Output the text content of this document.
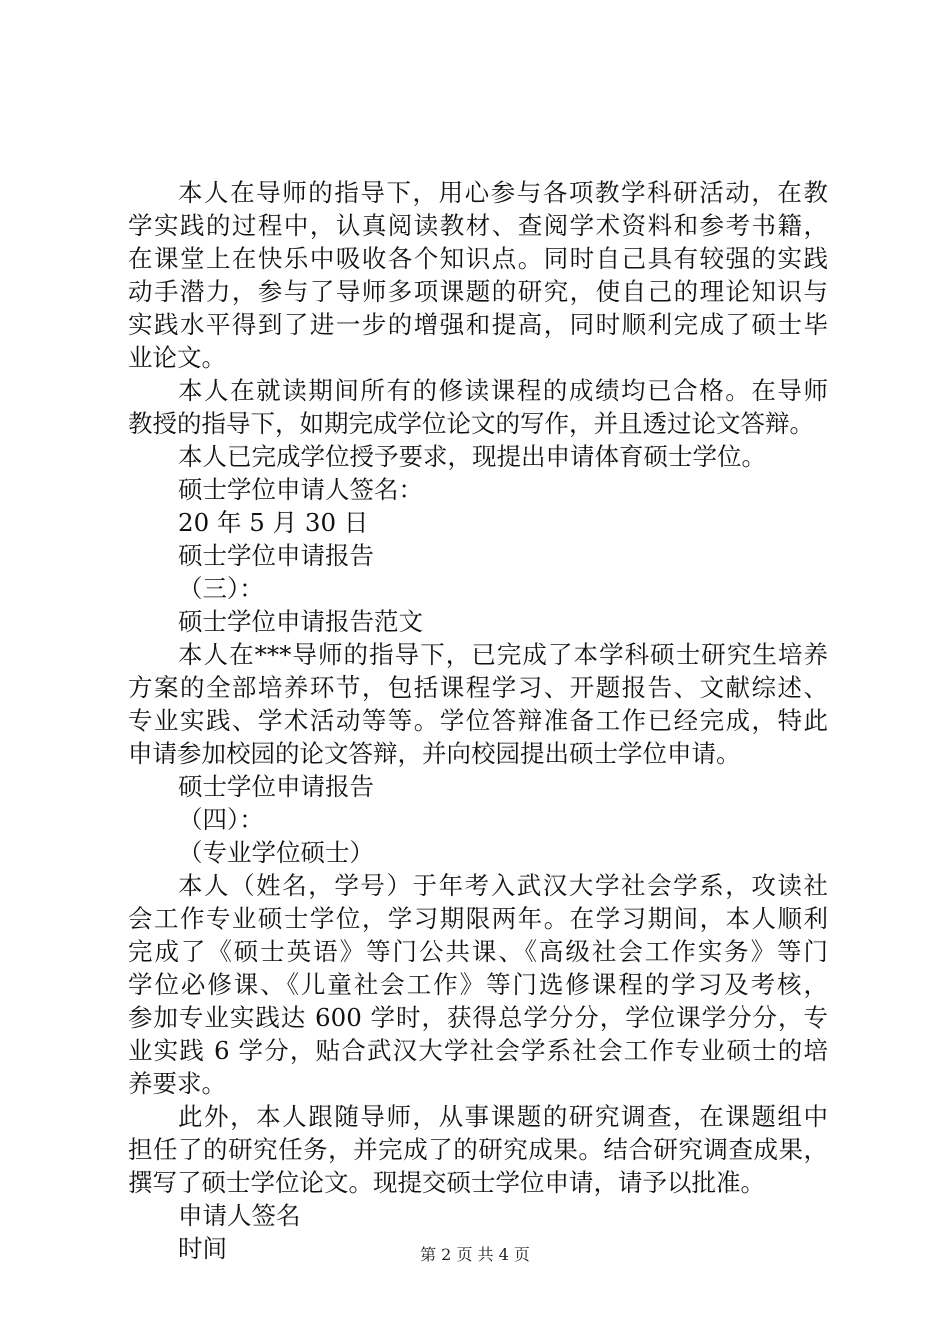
本人在导师的指导下，用心参与各项教学科研活动，在教
学实践的过程中，认真阅读教材、查阅学术资料和参考书籍，
在课堂上在快乐中吸收各个知识点。同时自己具有较强的实践
动手潜力，参与了导师多项课题的研究，使自己的理论知识与
实践水平得到了进一步的增强和提高，同时顺利完成了硕士毕
业论文。
本人在就读期间所有的修读课程的成绩均已合格。在导师
教授的指导下，如期完成学位论文的写作，并且透过论文答辩。
本人已完成学位授予要求，现提出申请体育硕士学位。
硕士学位申请人签名：
20 年 5 月 30 日
硕士学位申请报告
（三）：
硕士学位申请报告范文
本人在***导师的指导下，已完成了本学科硕士研究生培养
方案的全部培养环节，包括课程学习、开题报告、文献综述、
专业实践、学术活动等等。学位答辩准备工作已经完成，特此
申请参加校园的论文答辩，并向校园提出硕士学位申请。
硕士学位申请报告
（四）：
（专业学位硕士）
本人（姓名，学号）于年考入武汉大学社会学系，攻读社
会工作专业硕士学位，学习期限两年。在学习期间，本人顺利
完成了《硕士英语》等门公共课、《高级社会工作实务》等门
学位必修课、《儿童社会工作》等门选修课程的学习及考核，
参加专业实践达 600 学时，获得总学分分，学位课学分分，专
业实践 6 学分，贴合武汉大学社会学系社会工作专业硕士的培
养要求。
此外，本人跟随导师，从事课题的研究调查，在课题组中
担任了的研究任务，并完成了的研究成果。结合研究调查成果，
撰写了硕士学位论文。现提交硕士学位申请，请予以批准。
申请人签名
时间	第 2 页 共 4 页
